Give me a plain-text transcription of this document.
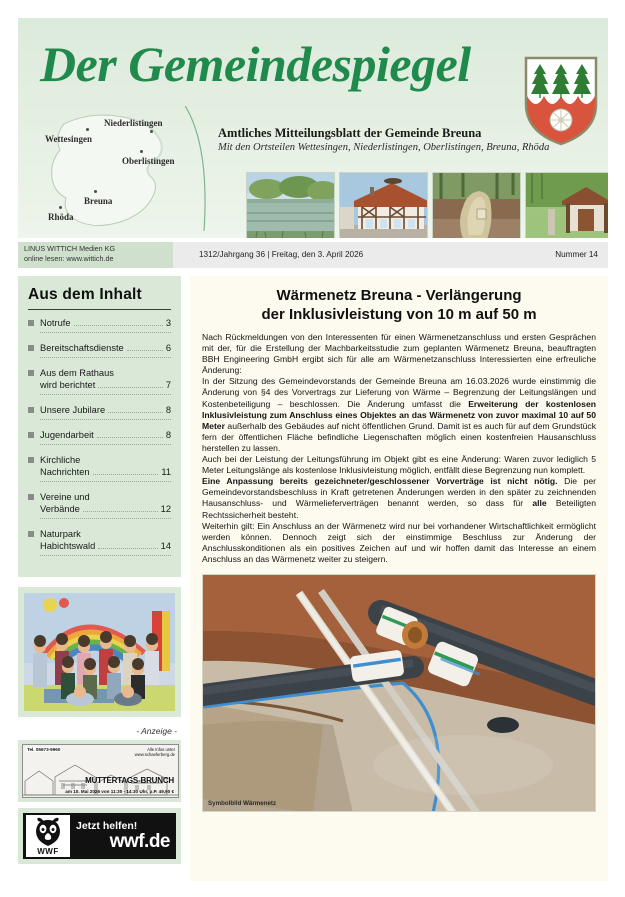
Der Gemeindespiegel
Wettesingen
Niederlistingen
Oberlistingen
Breuna
Rhöda
Amtliches Mitteilungsblatt der Gemeinde Breuna
Mit den Ortsteilen Wettesingen, Niederlistingen, Oberlistingen, Breuna, Rhöda
LINUS WITTICH Medien KG
online lesen: www.wittich.de	1312/Jahrgang 36 | Freitag, den 3. April 2026	Nummer 14
Aus dem Inhalt
Notrufe	3
Bereitschaftsdienste	6
Aus dem Rathaus
wird berichtet	7
Unsere Jubilare	8
Jugendarbeit	8
Kirchliche
Nachrichten	11
Vereine und
Verbände	12
Naturpark
Habichtswald	14
- Anzeige -
Tel. 05673-9960	Alle Infos unter
www.schaeferberg.de
MUTTERTAGS-BRUNCH
am 10. Mai 2026 von 11:30 - 14:30 Uhr, p.P. 49,90 €
WWF
Jetzt helfen!
wwf.de
Wärmenetz Breuna - Verlängerung
der Inklusivleistung von 10 m auf 50 m

Nach Rückmeldungen von den Interessenten für einen Wärmenetzanschluss und ersten Gesprächen mit der, für die Erstellung der Machbarkeitsstudie zum geplanten Wärmenetz Breuna, beauftragten BBH Engineering GmbH ergibt sich für alle am Wärmenetzanschluss Interessierten eine erfreuliche Änderung:

In der Sitzung des Gemeindevorstands der Gemeinde Breuna am 16.03.2026 wurde einstimmig die Änderung von §4 des Vorvertrags zur Lieferung von Wärme – Begrenzung der Leitungslängen und Kostenbeteiligung – beschlossen. Die Änderung umfasst die Erweiterung der kostenlosen Inklusivleistung zum Anschluss eines Objektes an das Wärmenetz von zuvor maximal 10 auf 50 Meter außerhalb des Gebäudes auf nicht öffentlichen Grund. Damit ist es auch für auf dem Grundstück fern der öffentlichen Fläche befindliche Liegenschaften möglich einen kostenfreien Hausanschluss herstellen zu lassen.

Auch bei der Leistung der Leitungsführung im Objekt gibt es eine Änderung: Waren zuvor lediglich 5 Meter Leitungslänge als kostenlose Inklusivleistung möglich, entfällt diese Begrenzung nun komplett.

Eine Anpassung bereits gezeichneter/geschlossener Vorverträge ist nicht nötig. Die per Gemeindevorstandsbeschluss in Kraft getretenen Änderungen werden in den später zu zeichnenden Hausanschluss- und Wärmelieferverträgen benannt werden, so dass für alle Beteiligten Rechtssicherheit besteht.

Weiterhin gilt: Ein Anschluss an der Wärmenetz wird nur bei vorhandener Wirtschaftlichkeit ermöglicht werden können. Dennoch zeigt sich der einstimmige Beschluss zur Änderung der Anschlusskonditionen als ein positives Zeichen auf und wir hoffen damit das Interesse an einem Anschluss an das Wärmenetz weiter zu steigern.

Symbolbild Wärmenetz
